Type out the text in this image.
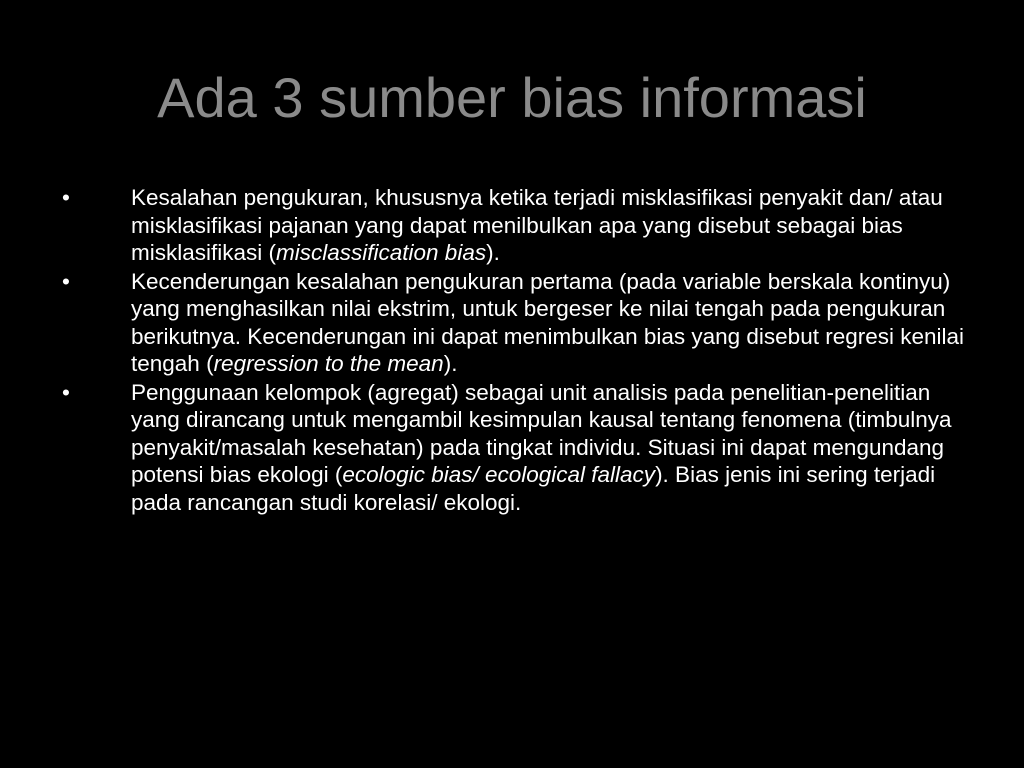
Ada 3 sumber bias informasi
•	Kesalahan pengukuran, khususnya ketika terjadi misklasifikasi penyakit dan/ atau misklasifikasi pajanan yang dapat menilbulkan apa yang disebut sebagai bias misklasifikasi (misclassification bias).
•	Kecenderungan kesalahan pengukuran pertama (pada variable berskala kontinyu) yang menghasilkan nilai ekstrim, untuk bergeser ke nilai tengah pada pengukuran berikutnya. Kecenderungan ini dapat menimbulkan bias yang disebut regresi kenilai tengah (regression to the mean).
•	Penggunaan kelompok (agregat) sebagai unit analisis pada penelitian-penelitian yang dirancang untuk mengambil kesimpulan kausal tentang fenomena (timbulnya penyakit/masalah kesehatan) pada tingkat individu. Situasi ini dapat mengundang potensi bias ekologi (ecologic bias/ ecological fallacy). Bias jenis ini sering terjadi pada rancangan studi korelasi/ ekologi.
